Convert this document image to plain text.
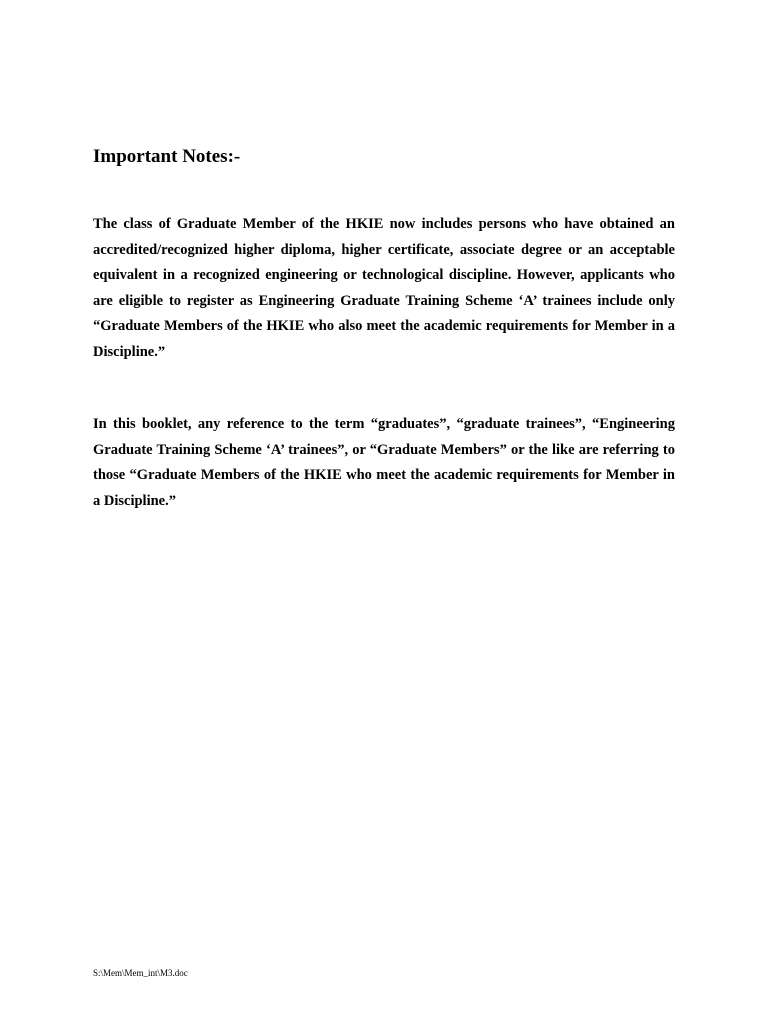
Important Notes:-

The class of Graduate Member of the HKIE now includes persons who have obtained an accredited/recognized higher diploma, higher certificate, associate degree or an acceptable equivalent in a recognized engineering or technological discipline. However, applicants who are eligible to register as Engineering Graduate Training Scheme ‘A’ trainees include only “Graduate Members of the HKIE who also meet the academic requirements for Member in a Discipline.”

In this booklet, any reference to the term “graduates”, “graduate trainees”, “Engineering Graduate Training Scheme ‘A’ trainees”, or “Graduate Members” or the like are referring to those “Graduate Members of the HKIE who meet the academic requirements for Member in a Discipline.”

S:\Mem\Mem_int\M3.doc
